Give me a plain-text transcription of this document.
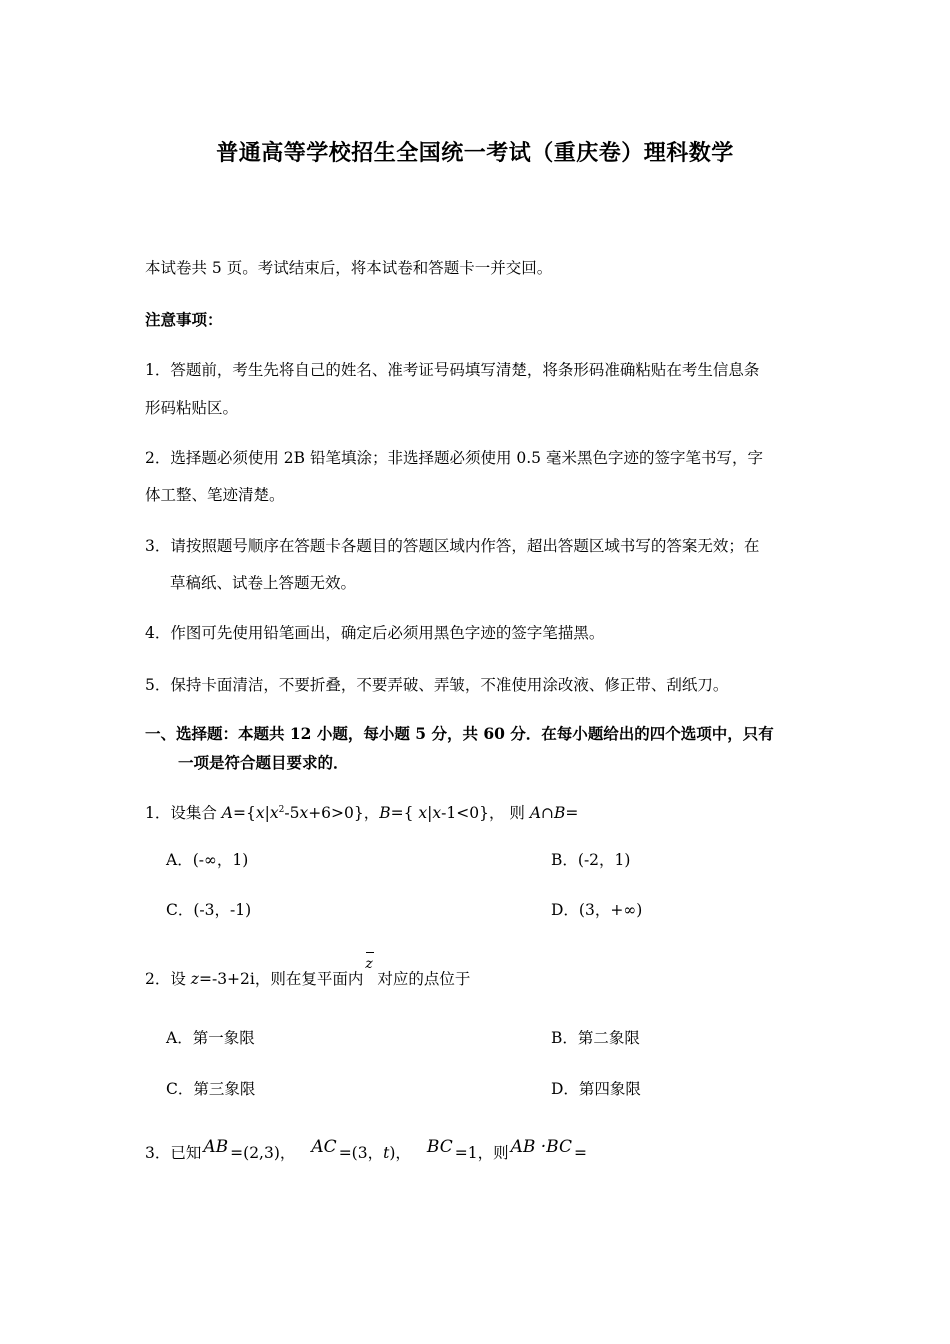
普通高等学校招生全国统一考试（重庆卷）理科数学
本试卷共 5 页。考试结束后，将本试卷和答题卡一并交回。
注意事项：
1．答题前，考生先将自己的姓名、准考证号码填写清楚，将条形码准确粘贴在考生信息条
形码粘贴区。
2．选择题必须使用 2B 铅笔填涂；非选择题必须使用 0.5 毫米黑色字迹的签字笔书写，字
体工整、笔迹清楚。
3．请按照题号顺序在答题卡各题目的答题区域内作答，超出答题区域书写的答案无效；在
草稿纸、试卷上答题无效。
4．作图可先使用铅笔画出，确定后必须用黑色字迹的签字笔描黑。
5．保持卡面清洁，不要折叠，不要弄破、弄皱，不准使用涂改液、修正带、刮纸刀。
一、选择题：本题共 12 小题，每小题 5 分，共 60 分．在每小题给出的四个选项中，只有
一项是符合题目要求的．
1．设集合 $A=\{x|x^2-5x+6>0\}$，B={ x|x-1<0}， 则 A∩B=
A．(-∞，1)	B．(-2，1)
C．(-3，-1)	D．(3，+∞)
2．设 z=-3+2i，则在复平面内
z
对应的点位于
A．第一象限	B．第二象限
C．第三象限	D．第四象限
3．已知 AB =(2,3)， AC =(3，t)， BC =1，则 AB ·BC =
